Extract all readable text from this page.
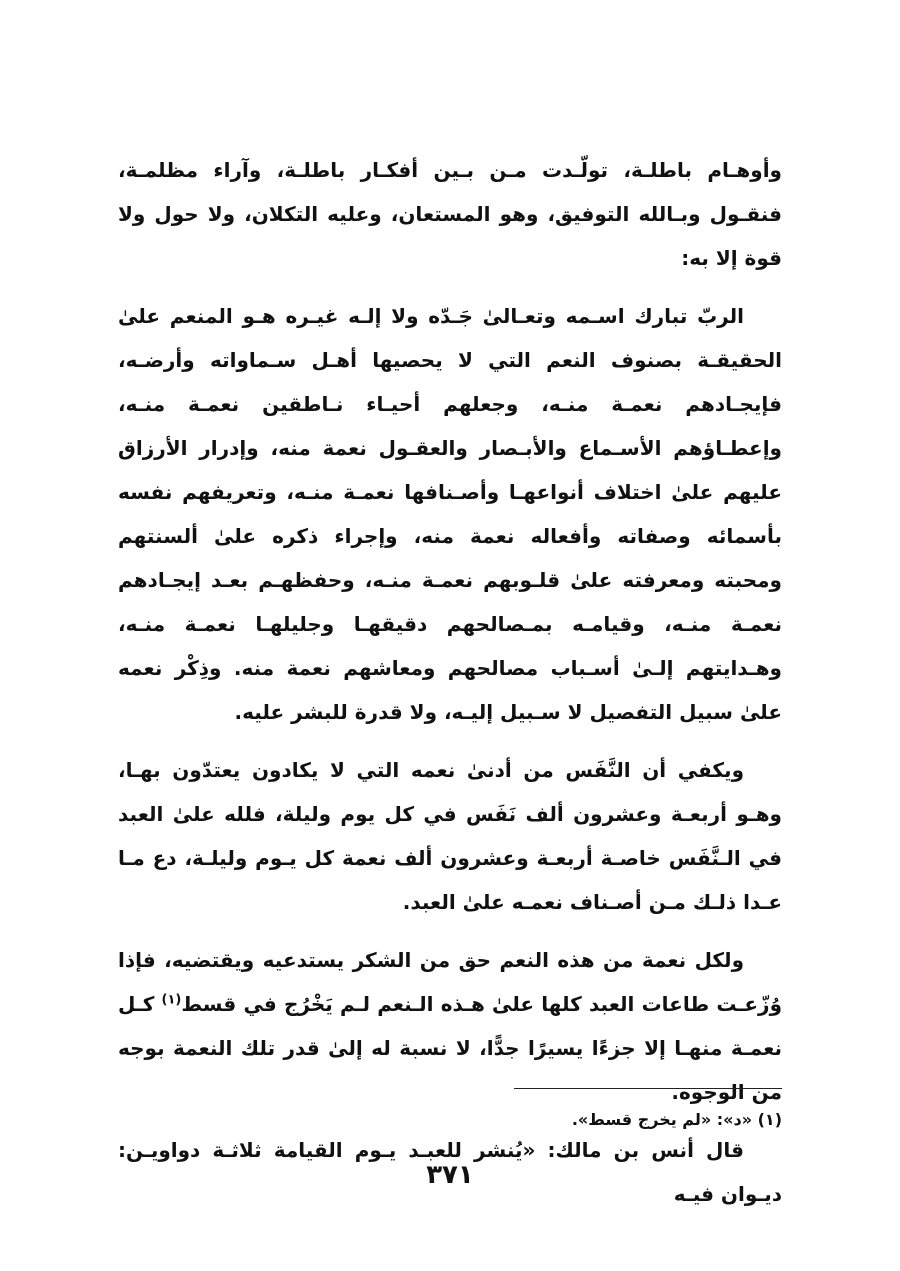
وأوهـام باطلـة، تولّـدت مـن بـين أفكـار باطلـة، وآراء مظلمـة، فنقـول وبـالله التوفيق، وهو المستعان، وعليه التكلان، ولا حول ولا قوة إلا به:

الربّ تبارك اسـمه وتعـالىٰ جَـدّه ولا إلـه غيـره هـو المنعم علىٰ الحقيقـة بصنوف النعم التي لا يحصيها أهـل سـماواته وأرضـه، فإيجـادهم نعمـة منـه، وجعلهم أحيـاء نـاطقين نعمـة منـه، وإعطـاؤهم الأسـماع والأبـصار والعقـول نعمة منه، وإدرار الأرزاق عليهم علىٰ اختلاف أنواعهـا وأصـنافها نعمـة منـه، وتعريفهم نفسه بأسمائه وصفاته وأفعاله نعمة منه، وإجراء ذكره علىٰ ألسنتهم ومحبته ومعرفته علىٰ قلـوبهم نعمـة منـه، وحفظهـم بعـد إيجـادهم نعمـة منـه، وقيامـه بمـصالحهم دقيقهـا وجليلهـا نعمـة منـه، وهـدايتهم إلـىٰ أسـباب مصالحهم ومعاشهم نعمة منه. وذِكْر نعمه علىٰ سبيل التفصيل لا سـبيل إليـه، ولا قدرة للبشر عليه.

ويكفي أن النَّفَس من أدنىٰ نعمه التي لا يكادون يعتدّون بهـا، وهـو أربعـة وعشرون ألف نَفَس في كل يوم وليلة، فلله علىٰ العبد في الـنَّفَس خاصـة أربعـة وعشرون ألف نعمة كل يـوم وليلـة، دع مـا عـدا ذلـك مـن أصـناف نعمـه علىٰ العبد.

ولكل نعمة من هذه النعم حق من الشكر يستدعيه ويقتضيه، فإذا وُزّعـت طاعات العبد كلها علىٰ هـذه الـنعم لـم يَخْرُج في قسط$^{(١)}$ كـل نعمـة منهـا إلا جزءًا يسيرًا جدًّا، لا نسبة له إلىٰ قدر تلك النعمة بوجه من الوجوه.

قال أنس بن مالك: «يُنشر للعبـد يـوم القيامة ثلاثـة دواويـن: ديـوان فيـه

(١) «د»: «لم يخرج قسط».
٣٧١
